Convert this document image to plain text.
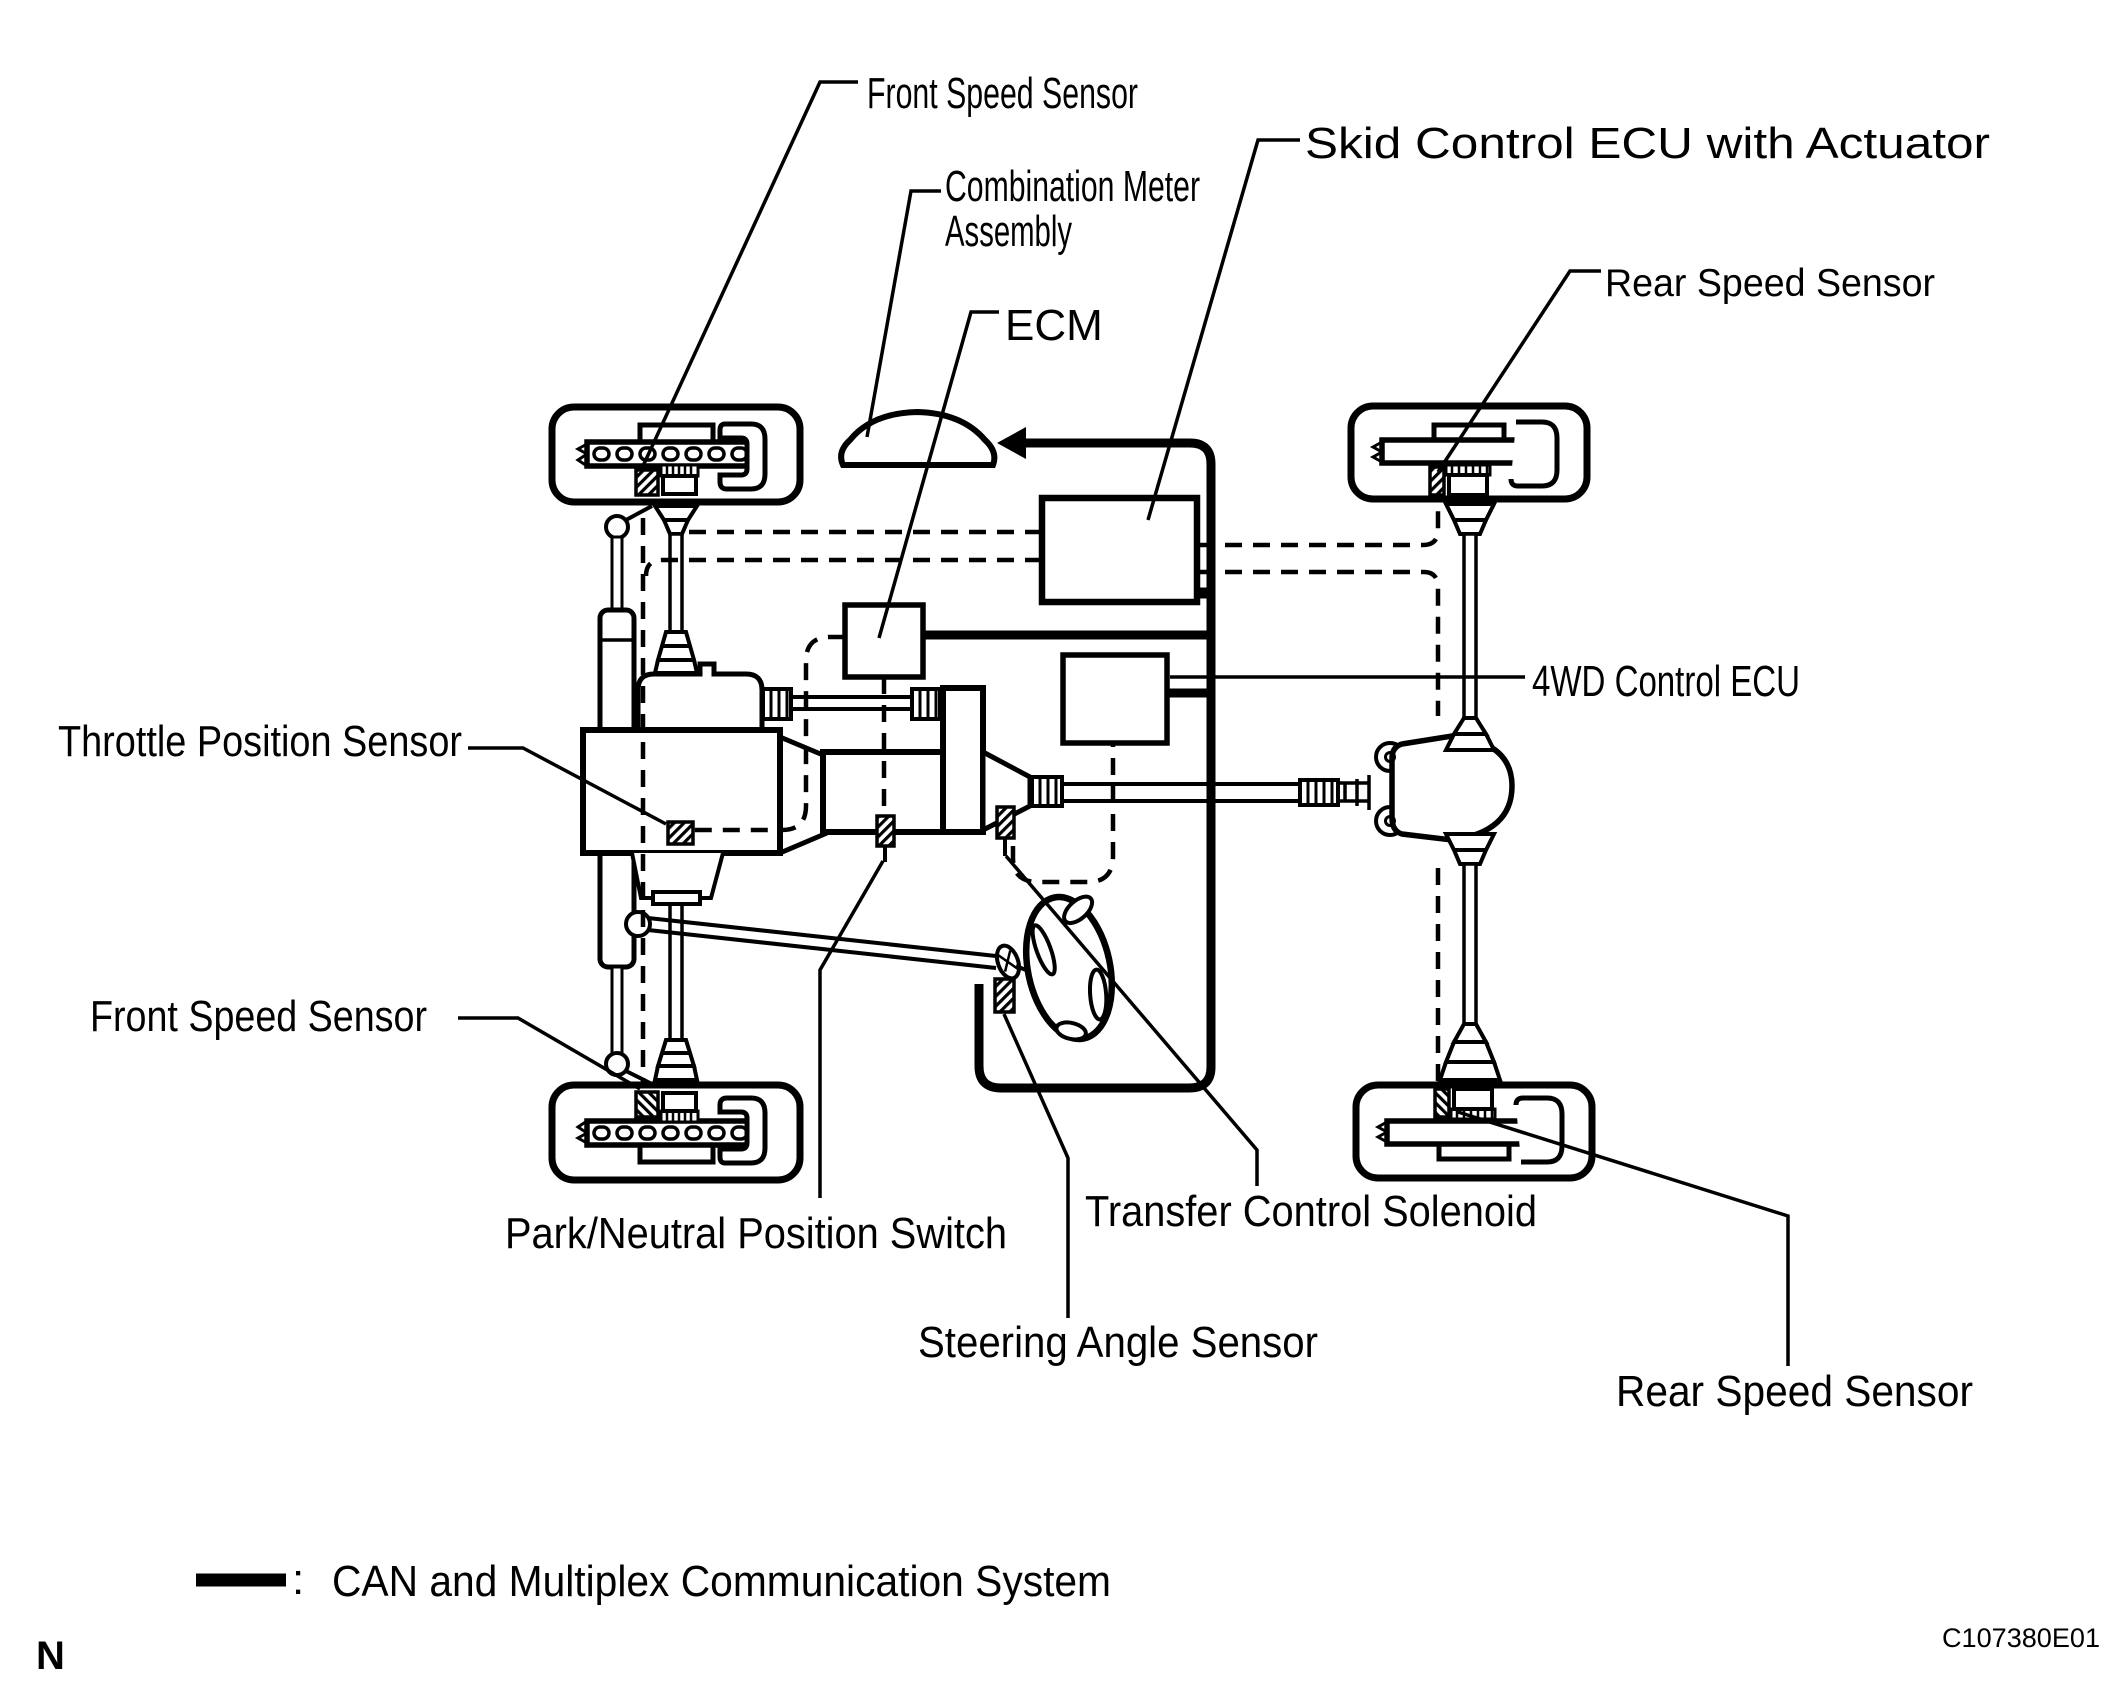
Front Speed Sensor
Skid Control ECU with Actuator
Combination Meter
Assembly
Rear Speed Sensor
ECM
4WD Control ECU
Throttle Position Sensor
Front Speed Sensor
Park/Neutral Position Switch Transfer Control Solenoid
Steering Angle Sensor
Rear Speed Sensor
: CAN and Multiplex Communication System
N	C107380E01
